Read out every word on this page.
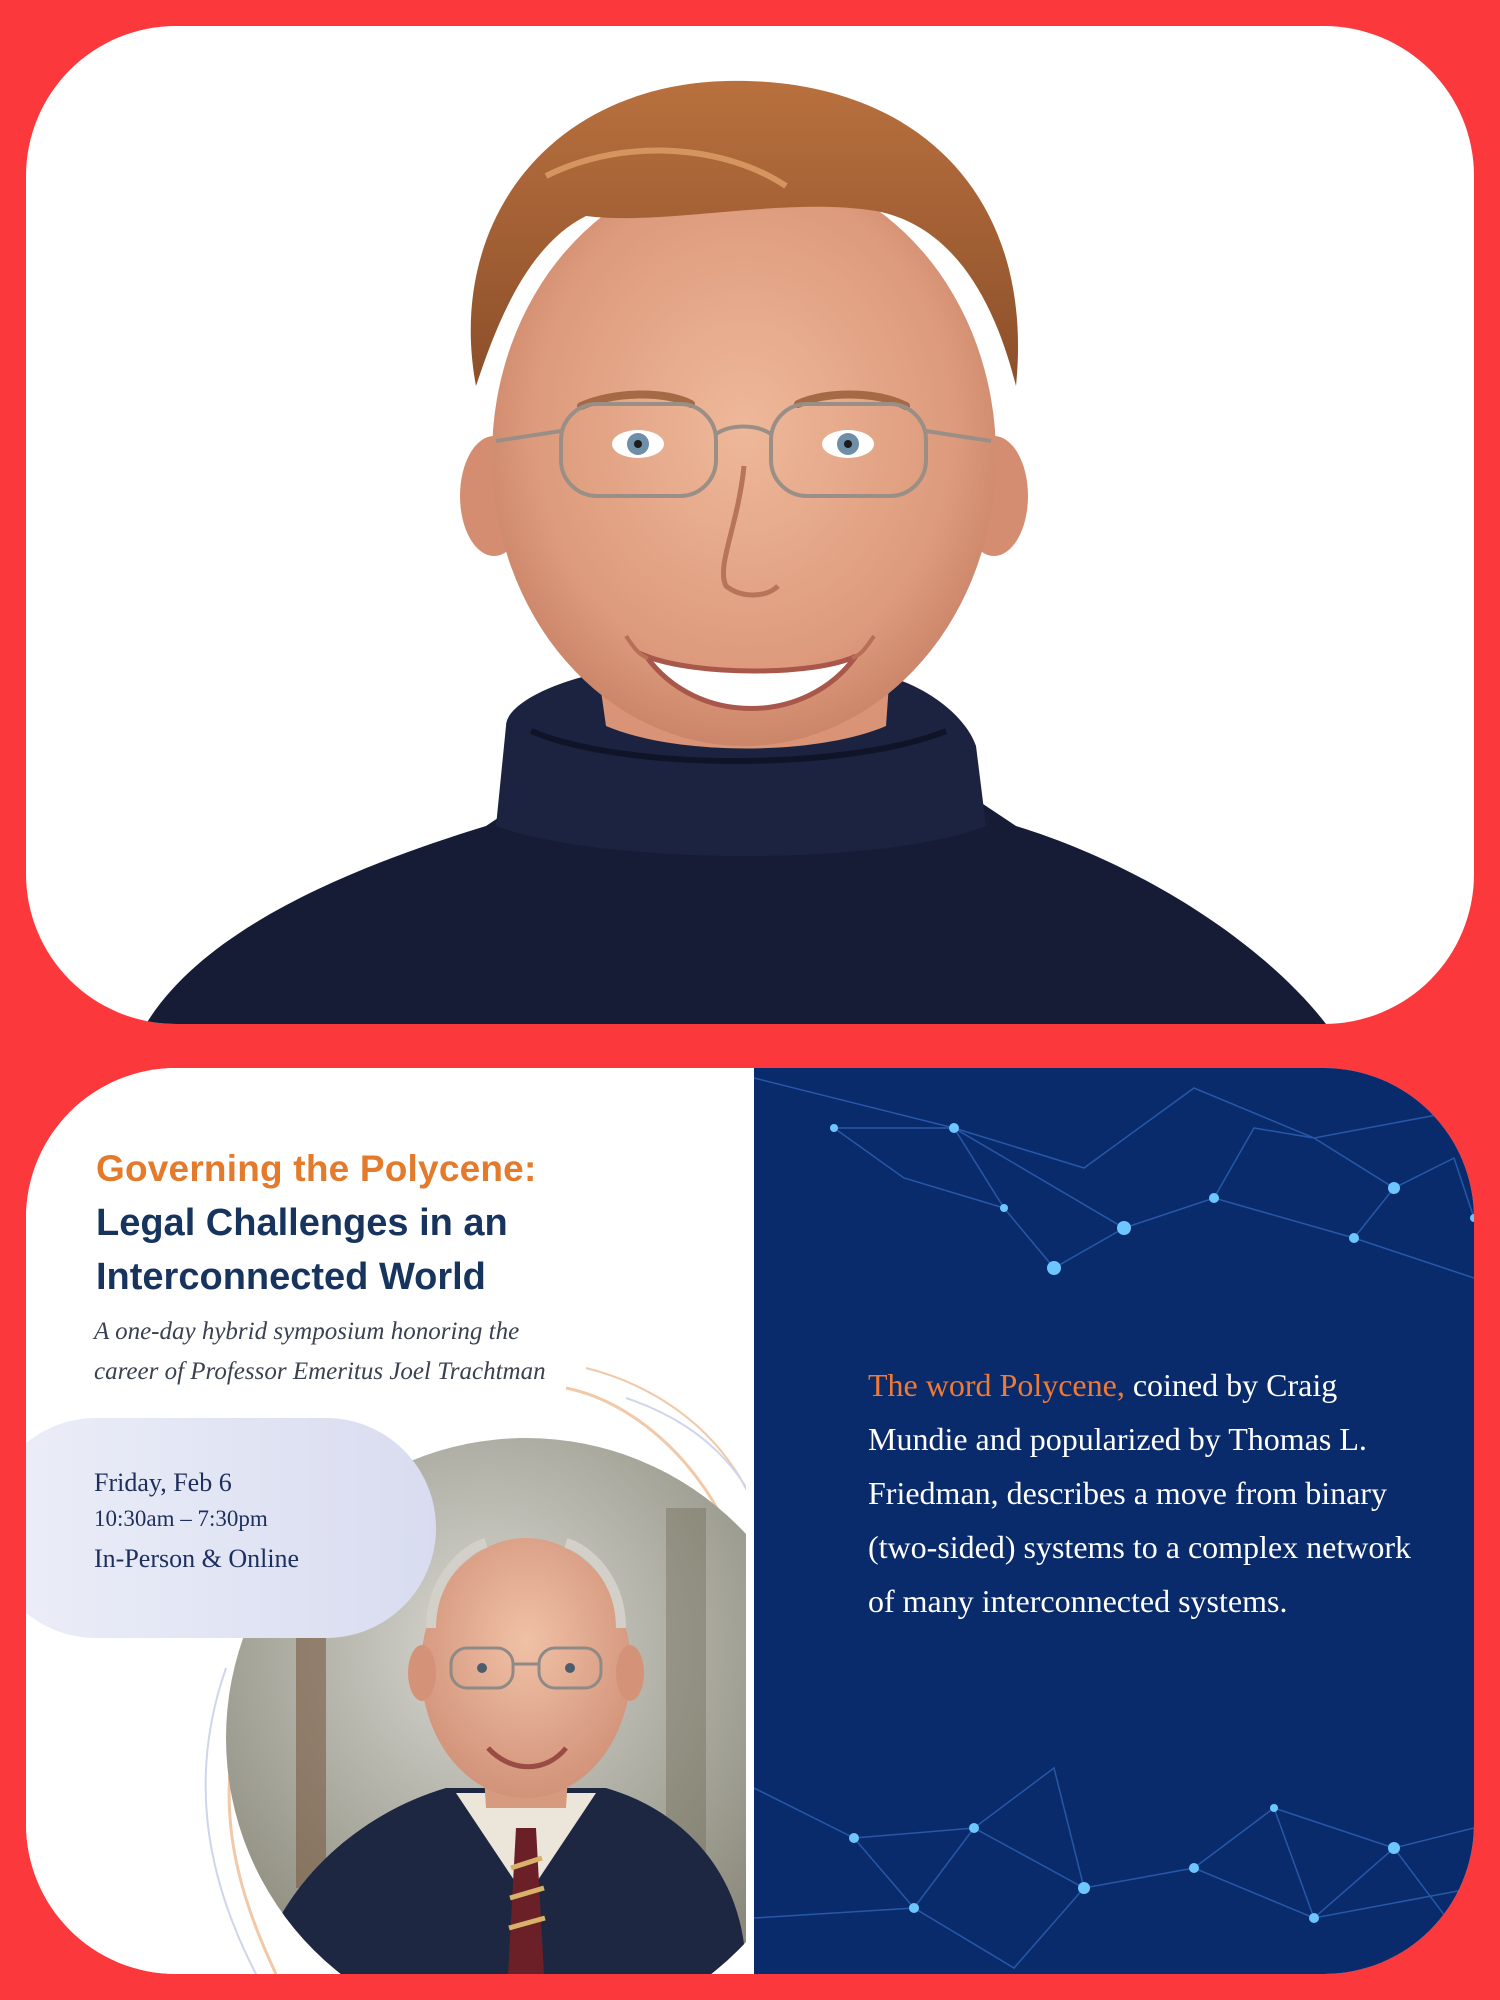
Governing the Polycene:
Legal Challenges in an
Interconnected World
A one-day hybrid symposium honoring the
career of Professor Emeritus Joel Trachtman
Friday, Feb 6
10:30am – 7:30pm
In-Person & Online
The word Polycene, coined by Craig Mundie and popularized by Thomas L. Friedman, describes a move from binary (two-sided) systems to a complex network of many interconnected systems.
